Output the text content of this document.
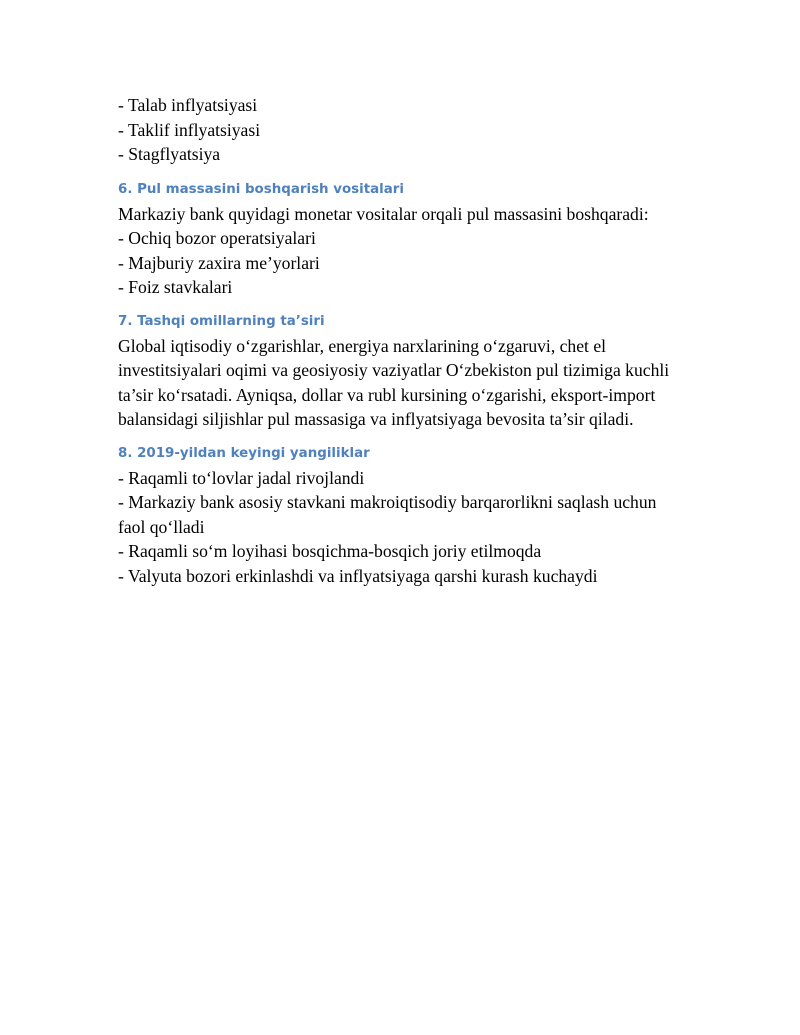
- Talab inflyatsiyasi

- Taklif inflyatsiyasi

- Stagflyatsiya

6. Pul massasini boshqarish vositalari

Markaziy bank quyidagi monetar vositalar orqali pul massasini boshqaradi:

- Ochiq bozor operatsiyalari

- Majburiy zaxira me’yorlari

- Foiz stavkalari

7. Tashqi omillarning ta’siri

Global iqtisodiy o‘zgarishlar, energiya narxlarining o‘zgaruvi, chet el investitsiyalari oqimi va geosiyosiy vaziyatlar O‘zbekiston pul tizimiga kuchli ta’sir ko‘rsatadi. Ayniqsa, dollar va rubl kursining o‘zgarishi, eksport-import balansidagi siljishlar pul massasiga va inflyatsiyaga bevosita ta’sir qiladi.

8. 2019-yildan keyingi yangiliklar

- Raqamli to‘lovlar jadal rivojlandi

- Markaziy bank asosiy stavkani makroiqtisodiy barqarorlikni saqlash uchun faol qo‘lladi

- Raqamli so‘m loyihasi bosqichma-bosqich joriy etilmoqda

- Valyuta bozori erkinlashdi va inflyatsiyaga qarshi kurash kuchaydi
